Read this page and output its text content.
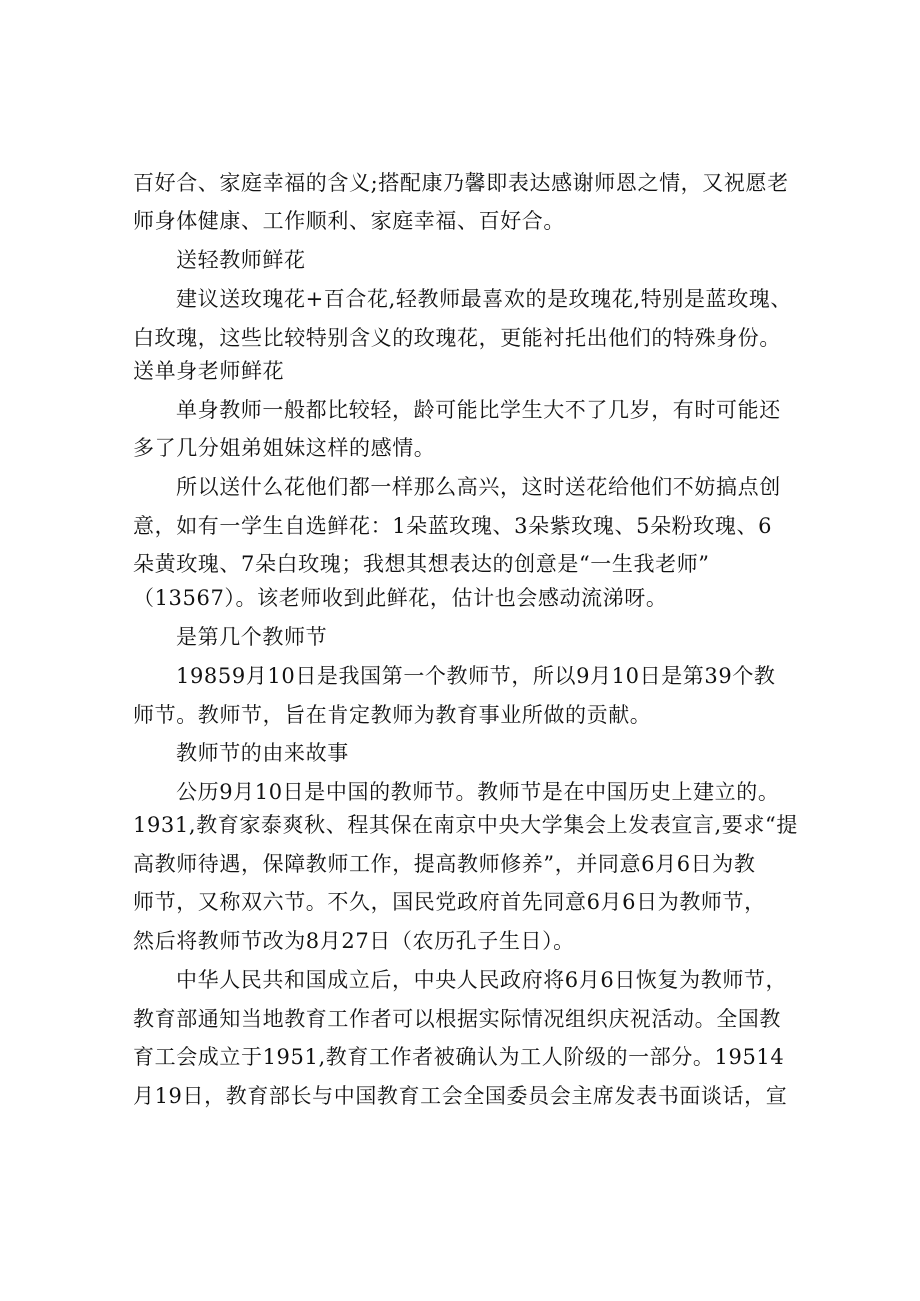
百好合、家庭幸福的含义;搭配康乃馨即表达感谢师恩之情，又祝愿老
师身体健康、工作顺利、家庭幸福、百好合。
送轻教师鲜花
建议送玫瑰花+百合花,轻教师最喜欢的是玫瑰花,特别是蓝玫瑰、
白玫瑰，这些比较特别含义的玫瑰花，更能衬托出他们的特殊身份。
送单身老师鲜花
单身教师一般都比较轻，龄可能比学生大不了几岁，有时可能还
多了几分姐弟姐妹这样的感情。
所以送什么花他们都一样那么高兴，这时送花给他们不妨搞点创
意，如有一学生自选鲜花：1朵蓝玫瑰、3朵紫玫瑰、5朵粉玫瑰、6
朵黄玫瑰、7朵白玫瑰；我想其想表达的创意是“一生我老师”
（13567）。该老师收到此鲜花，估计也会感动流涕呀。
是第几个教师节
19859月10日是我国第一个教师节，所以9月10日是第39个教
师节。教师节，旨在肯定教师为教育事业所做的贡献。
教师节的由来故事
公历9月10日是中国的教师节。教师节是在中国历史上建立的。
1931,教育家泰爽秋、程其保在南京中央大学集会上发表宣言,要求“提
高教师待遇，保障教师工作，提高教师修养”，并同意6月6日为教
师节，又称双六节。不久，国民党政府首先同意6月6日为教师节，
然后将教师节改为8月27日（农历孔子生日）。
中华人民共和国成立后，中央人民政府将6月6日恢复为教师节，
教育部通知当地教育工作者可以根据实际情况组织庆祝活动。全国教
育工会成立于1951,教育工作者被确认为工人阶级的一部分。19514
月19日，教育部长与中国教育工会全国委员会主席发表书面谈话，宣
